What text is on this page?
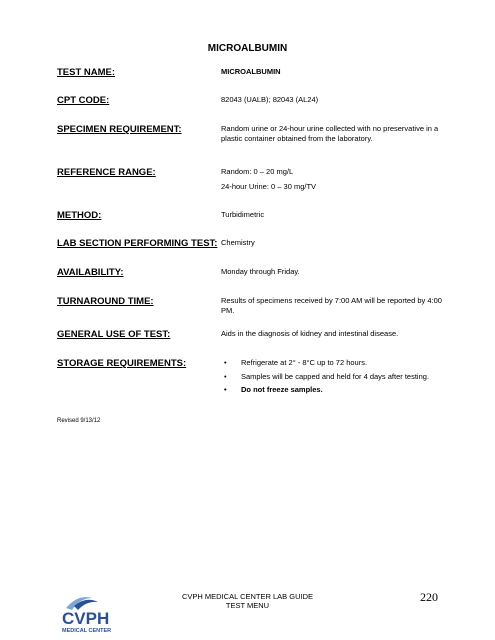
MICROALBUMIN
TEST NAME:	MICROALBUMIN
CPT CODE:	82043 (UALB); 82043 (AL24)
SPECIMEN REQUIREMENT:	Random urine or 24-hour urine collected with no preservative in a plastic container obtained from the laboratory.
REFERENCE RANGE:	Random: 0 – 20 mg/L

24-hour Urine: 0 – 30 mg/TV

METHOD:	Turbidimetric
LAB SECTION PERFORMING TEST: Chemistry
AVAILABILITY:	Monday through Friday.
TURNAROUND TIME:	Results of specimens received by 7:00 AM will be reported by 4:00 PM.
GENERAL USE OF TEST:	Aids in the diagnosis of kidney and intestinal disease.
STORAGE REQUIREMENTS:	• Refrigerate at 2° - 8°C up to 72 hours.
• Samples will be capped and held for 4 days after testing.
• Do not freeze samples.
Revised 9/13/12
CVPH
MEDICAL CENTER
CVPH MEDICAL CENTER LAB GUIDE
TEST MENU
220
